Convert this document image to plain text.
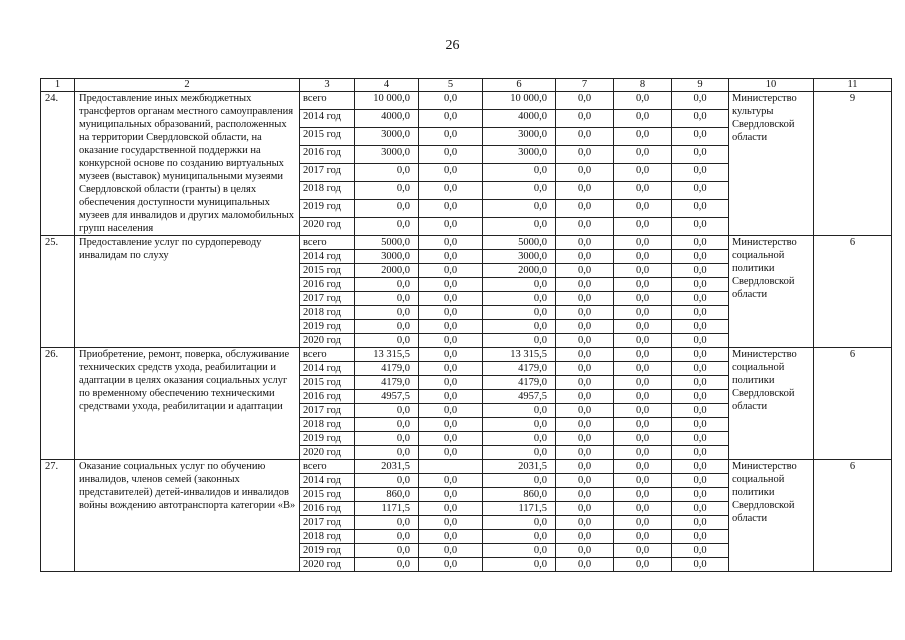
26
1	2	3	4	5	6	7	8	9	10	11
24.	Предоставление иных межбюджетных трансфертов органам местного самоуправления муниципальных образований, расположенных на территории Свердловской области, на оказание государственной поддержки на конкурсной основе по созданию виртуальных музеев (выставок) муниципальными музеями Свердловской области (гранты) в целях обеспечения доступности муниципальных музеев для инвалидов и других маломобильных групп населения	всего	10 000,0	0,0	10 000,0	0,0	0,0	0,0	Министерство культуры Свердловской области	9
		2014 год	4000,0	0,0	4000,0	0,0	0,0	0,0		
		2015 год	3000,0	0,0	3000,0	0,0	0,0	0,0		
		2016 год	3000,0	0,0	3000,0	0,0	0,0	0,0		
		2017 год	0,0	0,0	0,0	0,0	0,0	0,0		
		2018 год	0,0	0,0	0,0	0,0	0,0	0,0		
		2019 год	0,0	0,0	0,0	0,0	0,0	0,0		
		2020 год	0,0	0,0	0,0	0,0	0,0	0,0		
25.	Предоставление услуг по сурдопереводу инвалидам по слуху	всего	5000,0	0,0	5000,0	0,0	0,0	0,0	Министерство социальной политики Свердловской области	6
		2014 год	3000,0	0,0	3000,0	0,0	0,0	0,0		
		2015 год	2000,0	0,0	2000,0	0,0	0,0	0,0		
		2016 год	0,0	0,0	0,0	0,0	0,0	0,0		
		2017 год	0,0	0,0	0,0	0,0	0,0	0,0		
		2018 год	0,0	0,0	0,0	0,0	0,0	0,0		
		2019 год	0,0	0,0	0,0	0,0	0,0	0,0		
		2020 год	0,0	0,0	0,0	0,0	0,0	0,0		
26.	Приобретение, ремонт, поверка, обслуживание технических средств ухода, реабилитации и адаптации в целях оказания социальных услуг по временному обеспечению техническими средствами ухода, реабилитации и адаптации	всего	13 315,5	0,0	13 315,5	0,0	0,0	0,0	Министерство социальной политики Свердловской области	6
		2014 год	4179,0	0,0	4179,0	0,0	0,0	0,0		
		2015 год	4179,0	0,0	4179,0	0,0	0,0	0,0		
		2016 год	4957,5	0,0	4957,5	0,0	0,0	0,0		
		2017 год	0,0	0,0	0,0	0,0	0,0	0,0		
		2018 год	0,0	0,0	0,0	0,0	0,0	0,0		
		2019 год	0,0	0,0	0,0	0,0	0,0	0,0		
		2020 год	0,0	0,0	0,0	0,0	0,0	0,0		
27.	Оказание социальных услуг по обучению инвалидов, членов семей (законных представителей) детей-инвалидов и инвалидов войны вождению автотранспорта категории «В»	всего	2031,5		2031,5	0,0	0,0	0,0	Министерство социальной политики Свердловской области	6
		2014 год	0,0	0,0	0,0	0,0	0,0	0,0		
		2015 год	860,0	0,0	860,0	0,0	0,0	0,0		
		2016 год	1171,5	0,0	1171,5	0,0	0,0	0,0		
		2017 год	0,0	0,0	0,0	0,0	0,0	0,0		
		2018 год	0,0	0,0	0,0	0,0	0,0	0,0		
		2019 год	0,0	0,0	0,0	0,0	0,0	0,0		
		2020 год	0,0	0,0	0,0	0,0	0,0	0,0		
